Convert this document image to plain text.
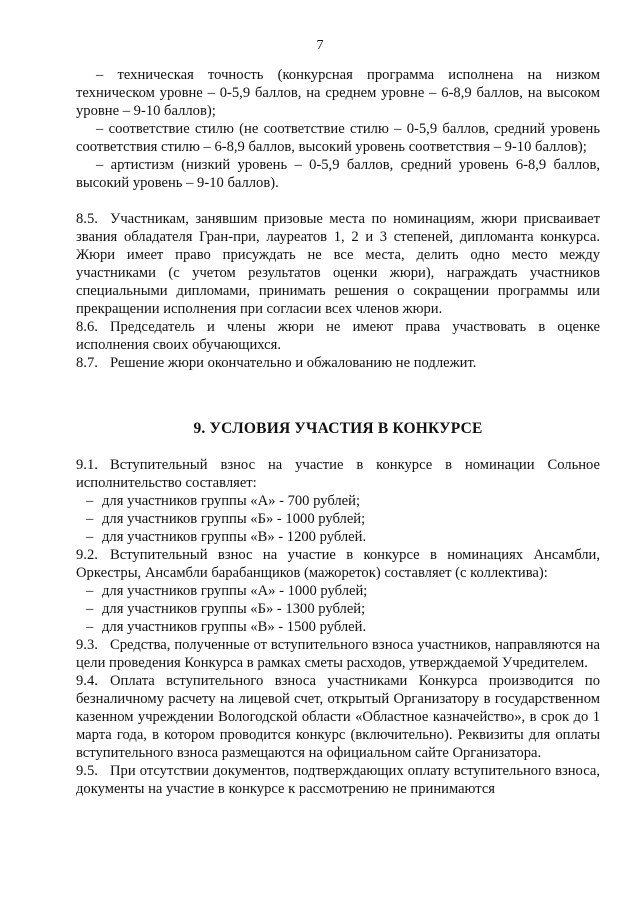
7

– техническая точность (конкурсная программа исполнена на низком техническом уровне – 0-5,9 баллов, на среднем уровне – 6-8,9 баллов, на высоком уровне – 9-10 баллов);

– соответствие стилю (не соответствие стилю – 0-5,9 баллов, средний уровень соответствия стилю – 6-8,9 баллов, высокий уровень соответствия – 9-10 баллов);

– артистизм (низкий уровень – 0-5,9 баллов, средний уровень 6-8,9 баллов, высокий уровень – 9-10 баллов).

8.5. Участникам, занявшим призовые места по номинациям, жюри присваивает звания обладателя Гран-при, лауреатов 1, 2 и 3 степеней, дипломанта конкурса. Жюри имеет право присуждать не все места, делить одно место между участниками (с учетом результатов оценки жюри), награждать участников специальными дипломами, принимать решения о сокращении программы или прекращении исполнения при согласии всех членов жюри.

8.6. Председатель и члены жюри не имеют права участвовать в оценке исполнения своих обучающихся.

8.7. Решение жюри окончательно и обжалованию не подлежит.

9. УСЛОВИЯ УЧАСТИЯ В КОНКУРСЕ

9.1. Вступительный взнос на участие в конкурсе в номинации Сольное исполнительство составляет:

– для участников группы «А» - 700 рублей;
– для участников группы «Б» - 1000 рублей;
– для участников группы «В» - 1200 рублей.

9.2. Вступительный взнос на участие в конкурсе в номинациях Ансамбли, Оркестры, Ансамбли барабанщиков (мажореток) составляет (с коллектива):

– для участников группы «А» - 1000 рублей;
– для участников группы «Б» - 1300 рублей;
– для участников группы «В» - 1500 рублей.

9.3. Средства, полученные от вступительного взноса участников, направляются на цели проведения Конкурса в рамках сметы расходов, утверждаемой Учредителем.

9.4. Оплата вступительного взноса участниками Конкурса производится по безналичному расчету на лицевой счет, открытый Организатору в государственном казенном учреждении Вологодской области «Областное казначейство», в срок до 1 марта года, в котором проводится конкурс (включительно). Реквизиты для оплаты вступительного взноса размещаются на официальном сайте Организатора.

9.5. При отсутствии документов, подтверждающих оплату вступительного взноса, документы на участие в конкурсе к рассмотрению не принимаются
